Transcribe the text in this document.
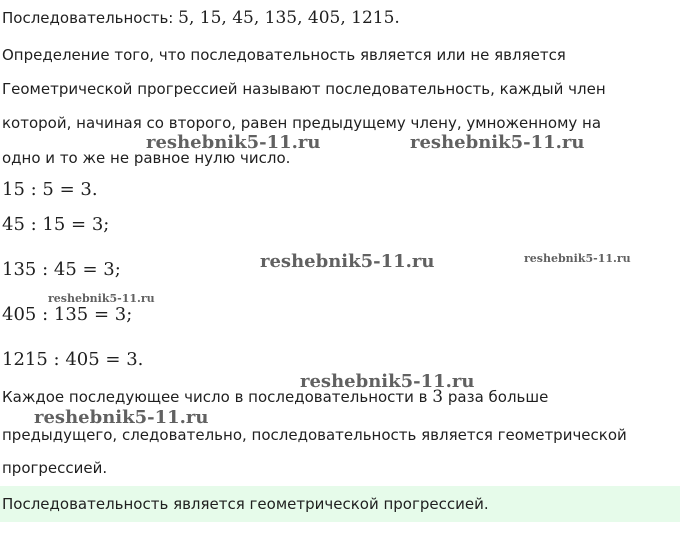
Последовательность: 5, 15, 45, 135, 405, 1215.
Определение того, что последовательность является или не является
Геометрической прогрессией называют последовательность, каждый член
которой, начиная со второго, равен предыдущему члену, умноженному на
одно и то же не равное нулю число.
15 : 5 = 3.
45 : 15 = 3;
135 : 45 = 3;
405 : 135 = 3;
1215 : 405 = 3.
Каждое последующее число в последовательности в 3 раза больше
предыдущего, следовательно, последовательность является геометрической
прогрессией.
Последовательность является геометрической прогрессией.
reshebnik5-11.ru	reshebnik5-11.ru
reshebnik5-11.ru	reshebnik5-11.ru
reshebnik5-11.ru
reshebnik5-11.ru
reshebnik5-11.ru
